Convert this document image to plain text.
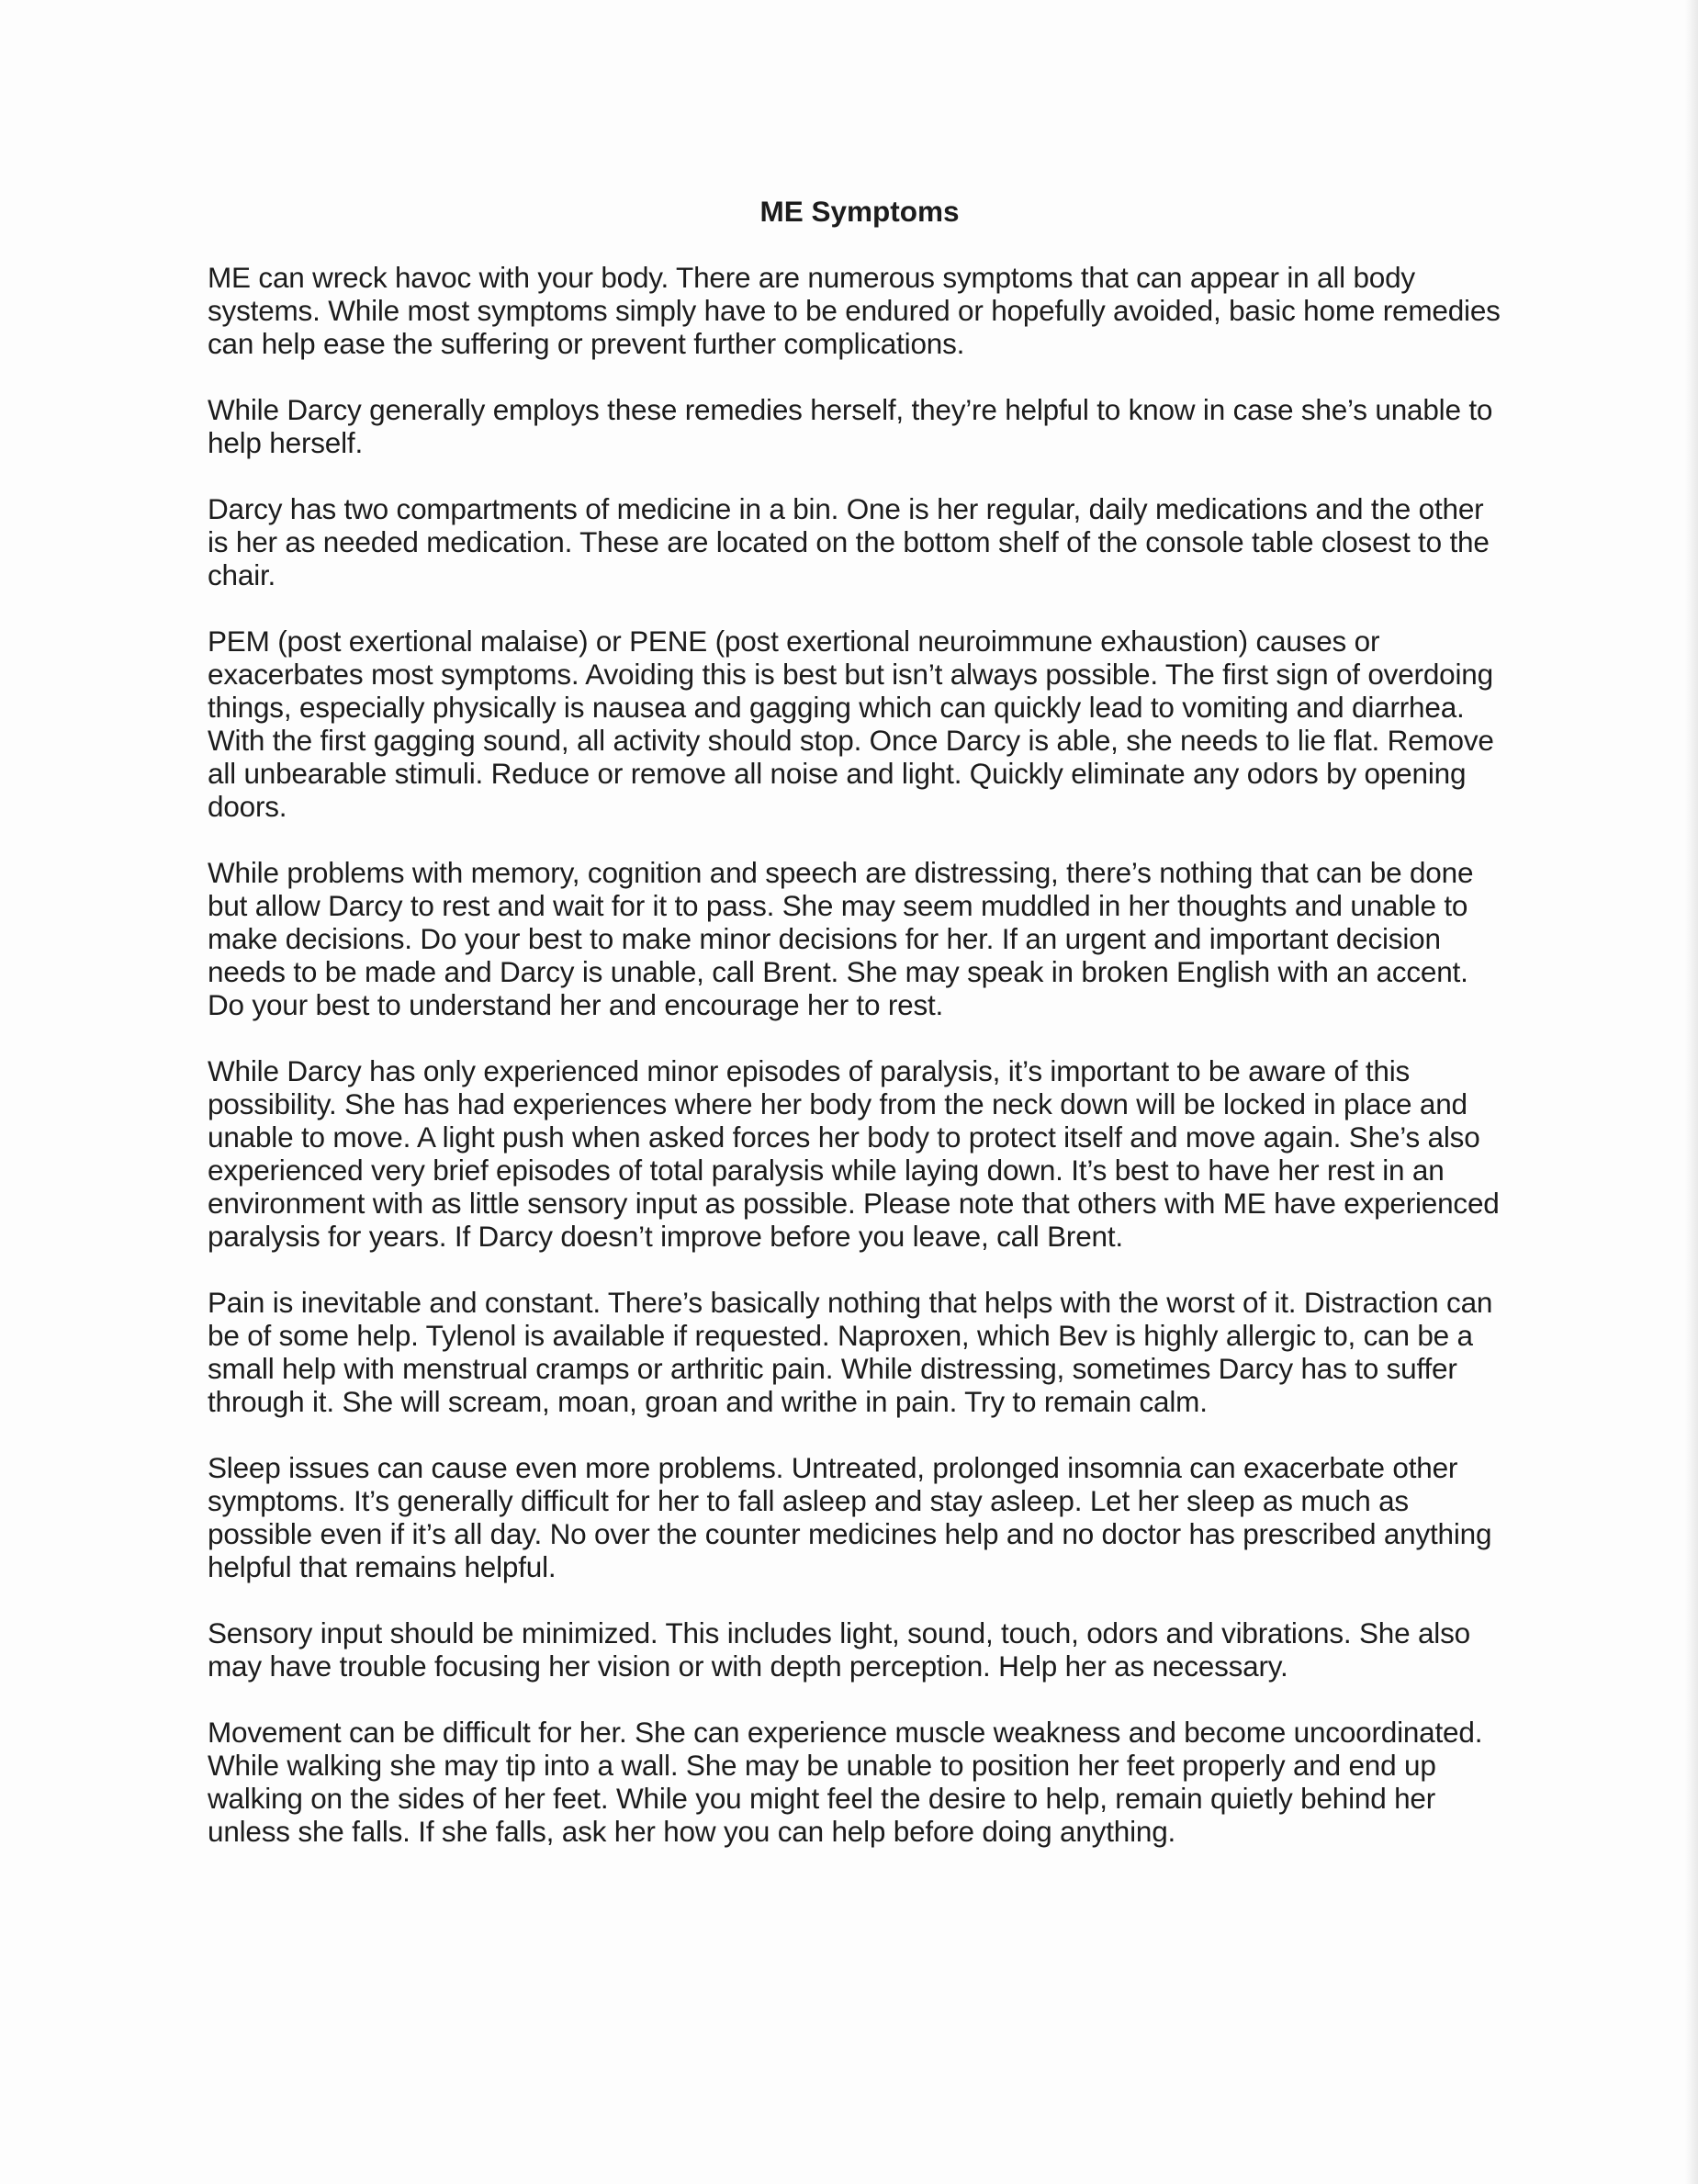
ME Symptoms

ME can wreck havoc with your body. There are numerous symptoms that can appear in all body systems. While most symptoms simply have to be endured or hopefully avoided, basic home remedies can help ease the suffering or prevent further complications.

While Darcy generally employs these remedies herself, they’re helpful to know in case she’s unable to help herself.

Darcy has two compartments of medicine in a bin. One is her regular, daily medications and the other is her as needed medication. These are located on the bottom shelf of the console table closest to the chair.

PEM (post exertional malaise) or PENE (post exertional neuroimmune exhaustion) causes or exacerbates most symptoms. Avoiding this is best but isn’t always possible. The first sign of overdoing things, especially physically is nausea and gagging which can quickly lead to vomiting and diarrhea. With the first gagging sound, all activity should stop. Once Darcy is able, she needs to lie flat. Remove all unbearable stimuli. Reduce or remove all noise and light. Quickly eliminate any odors by opening doors.

While problems with memory, cognition and speech are distressing, there’s nothing that can be done but allow Darcy to rest and wait for it to pass. She may seem muddled in her thoughts and unable to make decisions. Do your best to make minor decisions for her. If an urgent and important decision needs to be made and Darcy is unable, call Brent. She may speak in broken English with an accent. Do your best to understand her and encourage her to rest.

While Darcy has only experienced minor episodes of paralysis, it’s important to be aware of this possibility. She has had experiences where her body from the neck down will be locked in place and unable to move. A light push when asked forces her body to protect itself and move again. She’s also experienced very brief episodes of total paralysis while laying down. It’s best to have her rest in an environment with as little sensory input as possible. Please note that others with ME have experienced paralysis for years. If Darcy doesn’t improve before you leave, call Brent.

Pain is inevitable and constant. There’s basically nothing that helps with the worst of it. Distraction can be of some help. Tylenol is available if requested. Naproxen, which Bev is highly allergic to, can be a small help with menstrual cramps or arthritic pain. While distressing, sometimes Darcy has to suffer through it. She will scream, moan, groan and writhe in pain. Try to remain calm.

Sleep issues can cause even more problems. Untreated, prolonged insomnia can exacerbate other symptoms. It’s generally difficult for her to fall asleep and stay asleep. Let her sleep as much as possible even if it’s all day. No over the counter medicines help and no doctor has prescribed anything helpful that remains helpful.

Sensory input should be minimized. This includes light, sound, touch, odors and vibrations. She also may have trouble focusing her vision or with depth perception. Help her as necessary.

Movement can be difficult for her. She can experience muscle weakness and become uncoordinated. While walking she may tip into a wall. She may be unable to position her feet properly and end up walking on the sides of her feet. While you might feel the desire to help, remain quietly behind her unless she falls. If she falls, ask her how you can help before doing anything.
